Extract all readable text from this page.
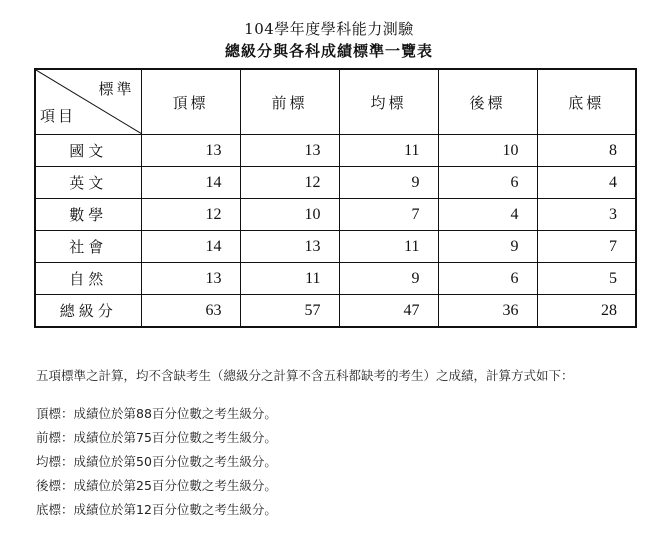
104學年度學科能力測驗
總級分與各科成績標準一覽表
標準
項目	頂標	前標	均標	後標	底標
國文	13	13	11	10	8
英文	14	12	9	6	4
數學	12	10	7	4	3
社會	14	13	11	9	7
自然	13	11	9	6	5
總級分	63	57	47	36	28

五項標準之計算，均不含缺考生（總級分之計算不含五科都缺考的考生）之成績，計算方式如下：

頂標：成績位於第88百分位數之考生級分。

前標：成績位於第75百分位數之考生級分。

均標：成績位於第50百分位數之考生級分。

後標：成績位於第25百分位數之考生級分。

底標：成績位於第12百分位數之考生級分。
